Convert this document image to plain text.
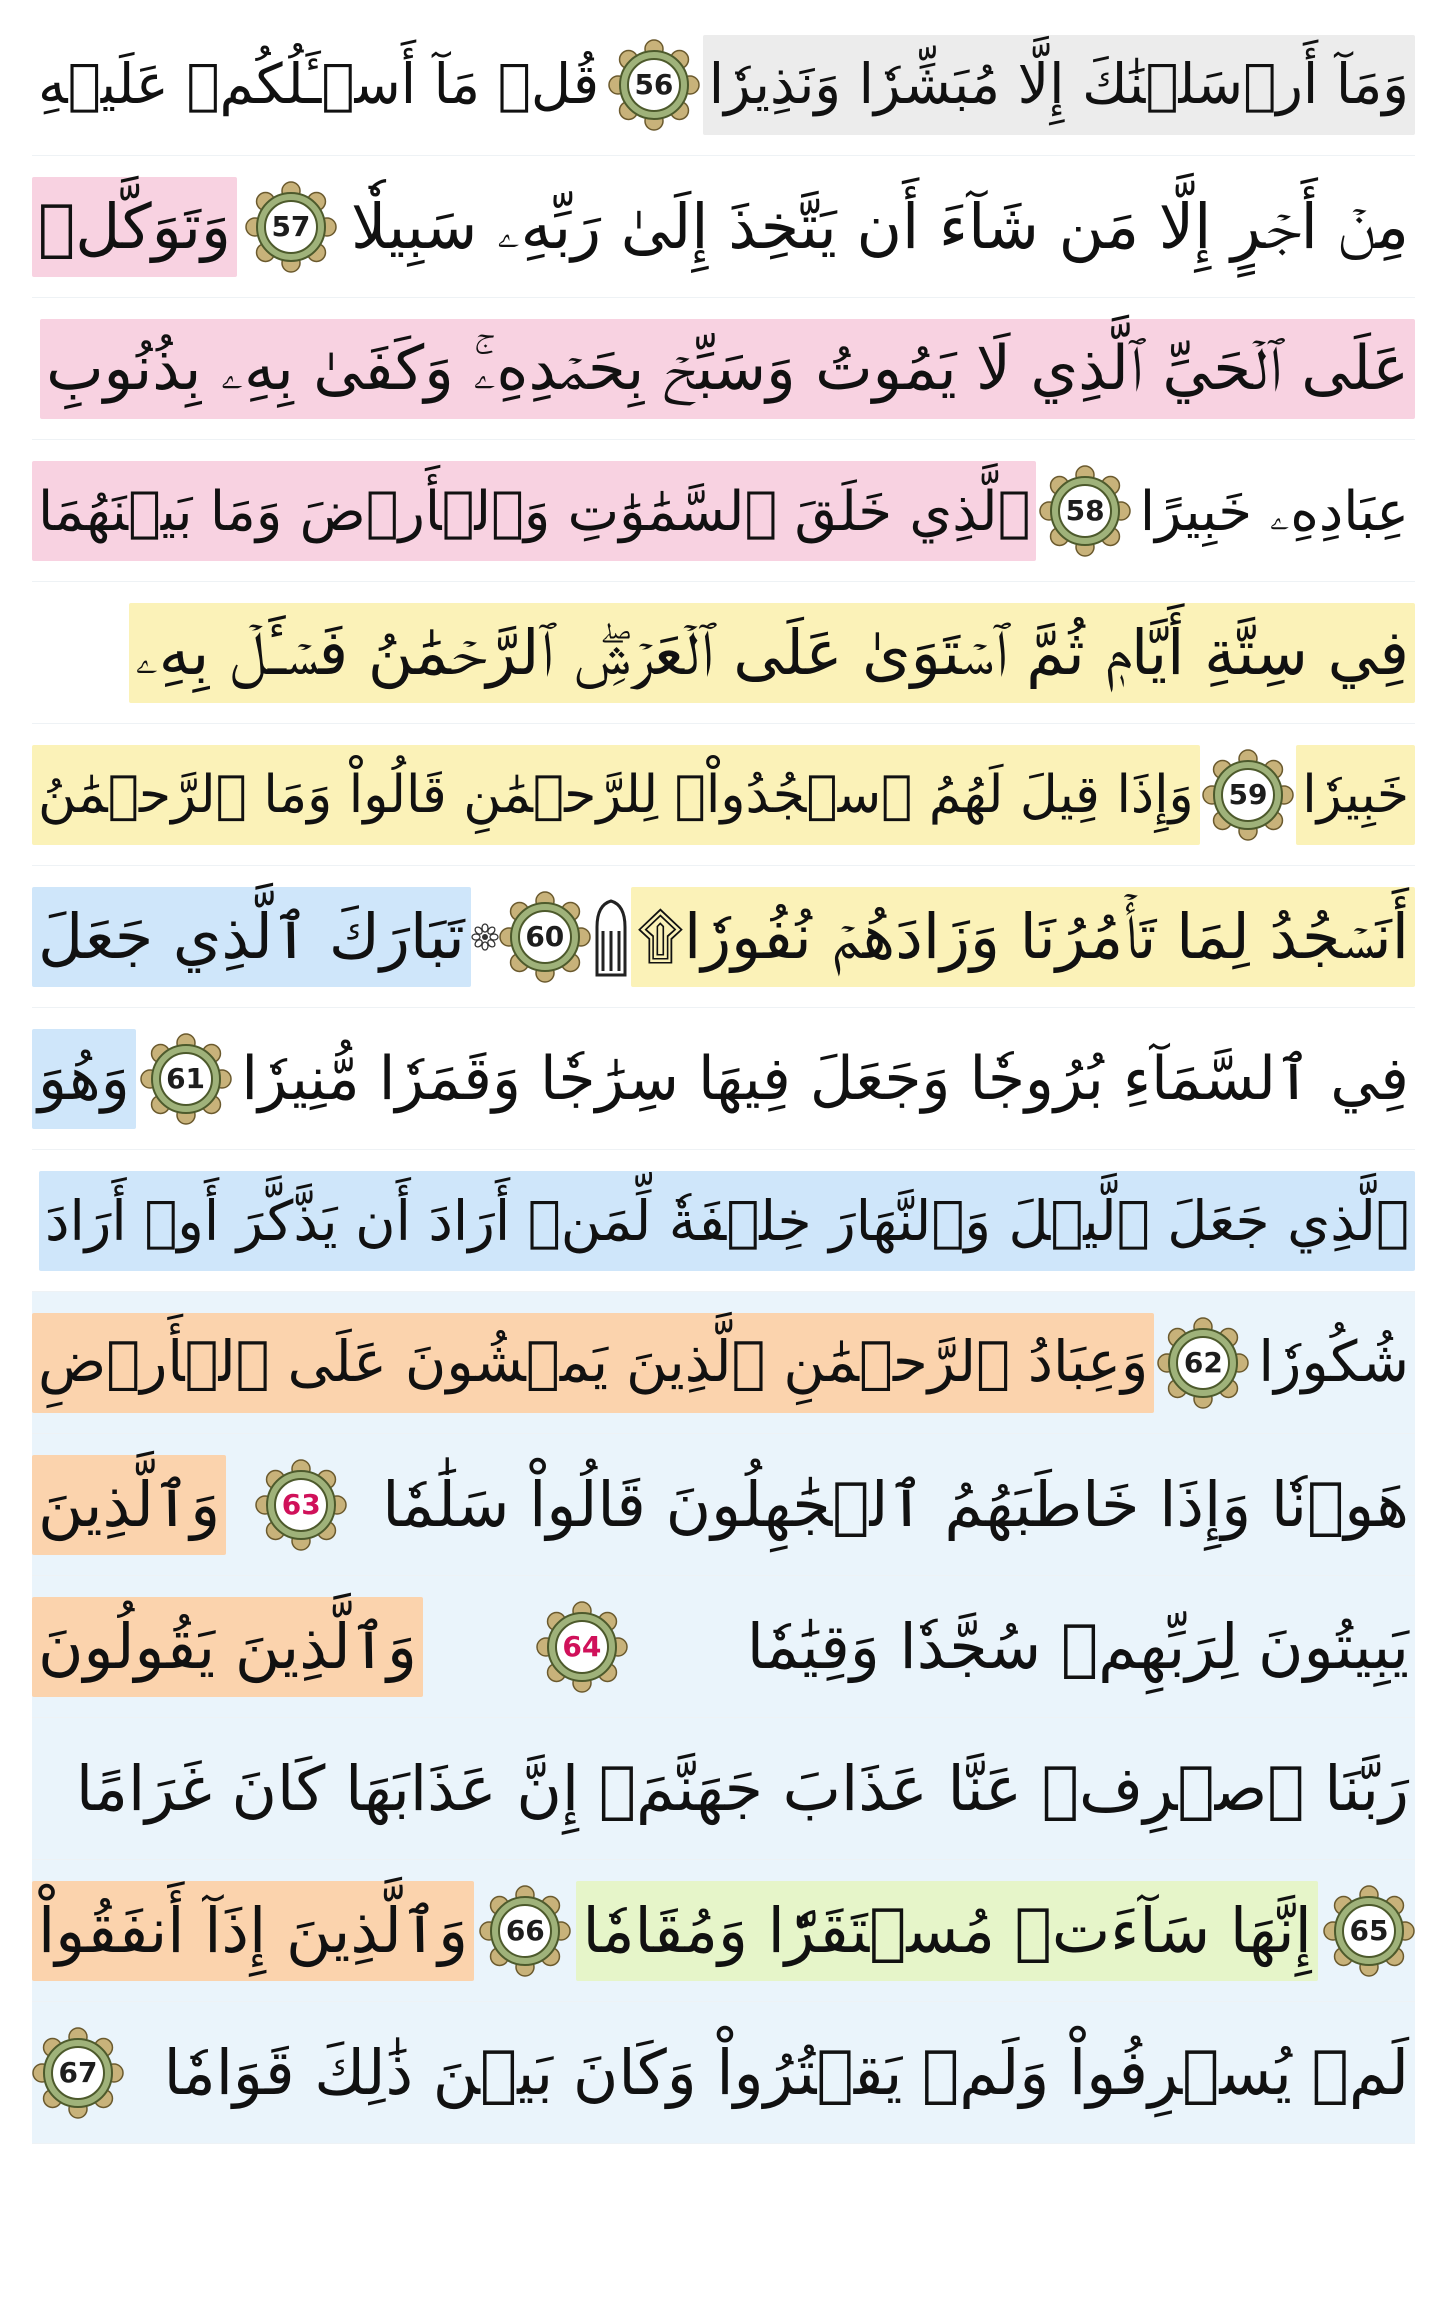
وَمَآ أَرۡسَلۡنَٰكَ إِلَّا مُبَشِّرٗا وَنَذِيرٗا
56
قُلۡ مَآ أَسۡـَٔلُكُمۡ عَلَيۡهِ
مِنۡ أَجۡرٍ إِلَّا مَن شَآءَ أَن يَتَّخِذَ إِلَىٰ رَبِّهِۦ سَبِيلٗا
57
وَتَوَكَّلۡ
عَلَى ٱلۡحَيِّ ٱلَّذِي لَا يَمُوتُ وَسَبِّحۡ بِحَمۡدِهِۦۚ وَكَفَىٰ بِهِۦ بِذُنُوبِ
عِبَادِهِۦ خَبِيرًا
58
ٱلَّذِي خَلَقَ ٱلسَّمَٰوَٰتِ وَٱلۡأَرۡضَ وَمَا بَيۡنَهُمَا
فِي سِتَّةِ أَيَّامٖ ثُمَّ ٱسۡتَوَىٰ عَلَى ٱلۡعَرۡشِۖ ٱلرَّحۡمَٰنُ فَسۡـَٔلۡ بِهِۦ
خَبِيرٗا
59
وَإِذَا قِيلَ لَهُمُ ٱسۡجُدُواْۤ لِلرَّحۡمَٰنِ قَالُواْ وَمَا ٱلرَّحۡمَٰنُ
أَنَسۡجُدُ لِمَا تَأۡمُرُنَا وَزَادَهُمۡ نُفُورٗا۩
60
تَبَارَكَ ٱلَّذِي جَعَلَ
فِي ٱلسَّمَآءِ بُرُوجٗا وَجَعَلَ فِيهَا سِرَٰجٗا وَقَمَرٗا مُّنِيرٗا
61
وَهُوَ
ٱلَّذِي جَعَلَ ٱلَّيۡلَ وَٱلنَّهَارَ خِلۡفَةٗ لِّمَنۡ أَرَادَ أَن يَذَّكَّرَ أَوۡ أَرَادَ
شُكُورٗا
62
وَعِبَادُ ٱلرَّحۡمَٰنِ ٱلَّذِينَ يَمۡشُونَ عَلَى ٱلۡأَرۡضِ
هَوۡنٗا وَإِذَا خَاطَبَهُمُ ٱلۡجَٰهِلُونَ قَالُواْ سَلَٰمٗا
63
وَٱلَّذِينَ
يَبِيتُونَ لِرَبِّهِمۡ سُجَّدٗا وَقِيَٰمٗا
64
وَٱلَّذِينَ يَقُولُونَ
رَبَّنَا ٱصۡرِفۡ عَنَّا عَذَابَ جَهَنَّمَۖ إِنَّ عَذَابَهَا كَانَ غَرَامًا
65
إِنَّهَا سَآءَتۡ مُسۡتَقَرّٗا وَمُقَامٗا
66
وَٱلَّذِينَ إِذَآ أَنفَقُواْ
لَمۡ يُسۡرِفُواْ وَلَمۡ يَقۡتُرُواْ وَكَانَ بَيۡنَ ذَٰلِكَ قَوَامٗا
67
